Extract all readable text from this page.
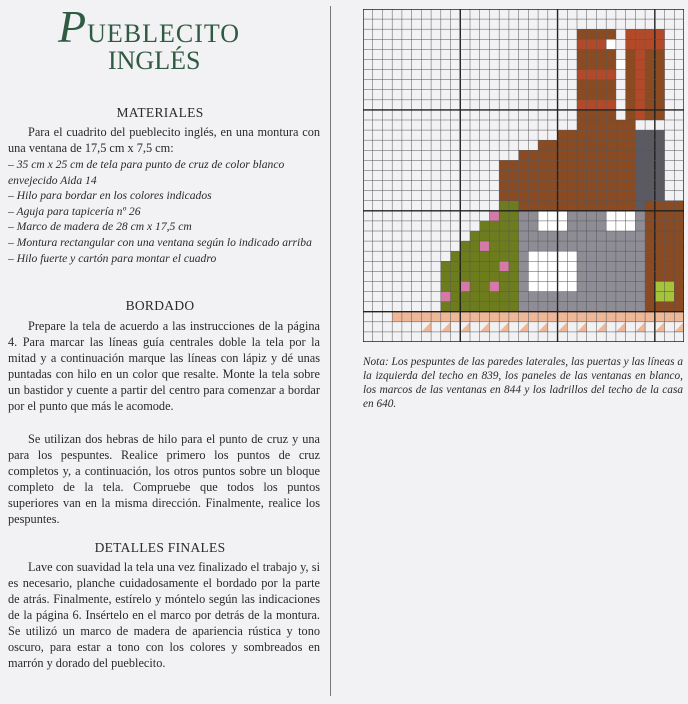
PUEBLECITO
INGLÉS
MATERIALES

Para el cuadrito del pueblecito inglés, en una montura con una ventana de 17,5 cm x 7,5 cm:

– 35 cm x 25 cm de tela para punto de cruz de color blanco envejecido Aida 14
– Hilo para bordar en los colores indicados
– Aguja para tapicería nº 26
– Marco de madera de 28 cm x 17,5 cm
– Montura rectangular con una ventana según lo indicado arriba
– Hilo fuerte y cartón para montar el cuadro
BORDADO

Prepare la tela de acuerdo a las instrucciones de la página 4. Para marcar las líneas guía centrales doble la tela por la mitad y a continuación marque las líneas con lápiz y dé unas puntadas con hilo en un color que resalte. Monte la tela sobre un bastidor y cuente a partir del centro para comenzar a bordar por el punto que más le acomode.

Se utilizan dos hebras de hilo para el punto de cruz y una para los pespuntes. Realice primero los puntos de cruz completos y, a continuación, los otros puntos sobre un bloque completo de la tela. Compruebe que todos los puntos superiores van en la misma dirección. Finalmente, realice los pespuntes.

DETALLES FINALES

Lave con suavidad la tela una vez finalizado el trabajo y, si es necesario, planche cuidadosamente el bordado por la parte de atrás. Finalmente, estírelo y móntelo según las indicaciones de la página 6. Insértelo en el marco por detrás de la montura. Se utilizó un marco de madera de apariencia rústica y tono oscuro, para estar a tono con los colores y sombreados en marrón y dorado del pueblecito.

Nota: Los pespuntes de las paredes laterales, las puertas y las líneas a la izquierda del techo en 839, los paneles de las ventanas en blanco, los marcos de las ventanas en 844 y los ladrillos del techo de la casa en 640.
